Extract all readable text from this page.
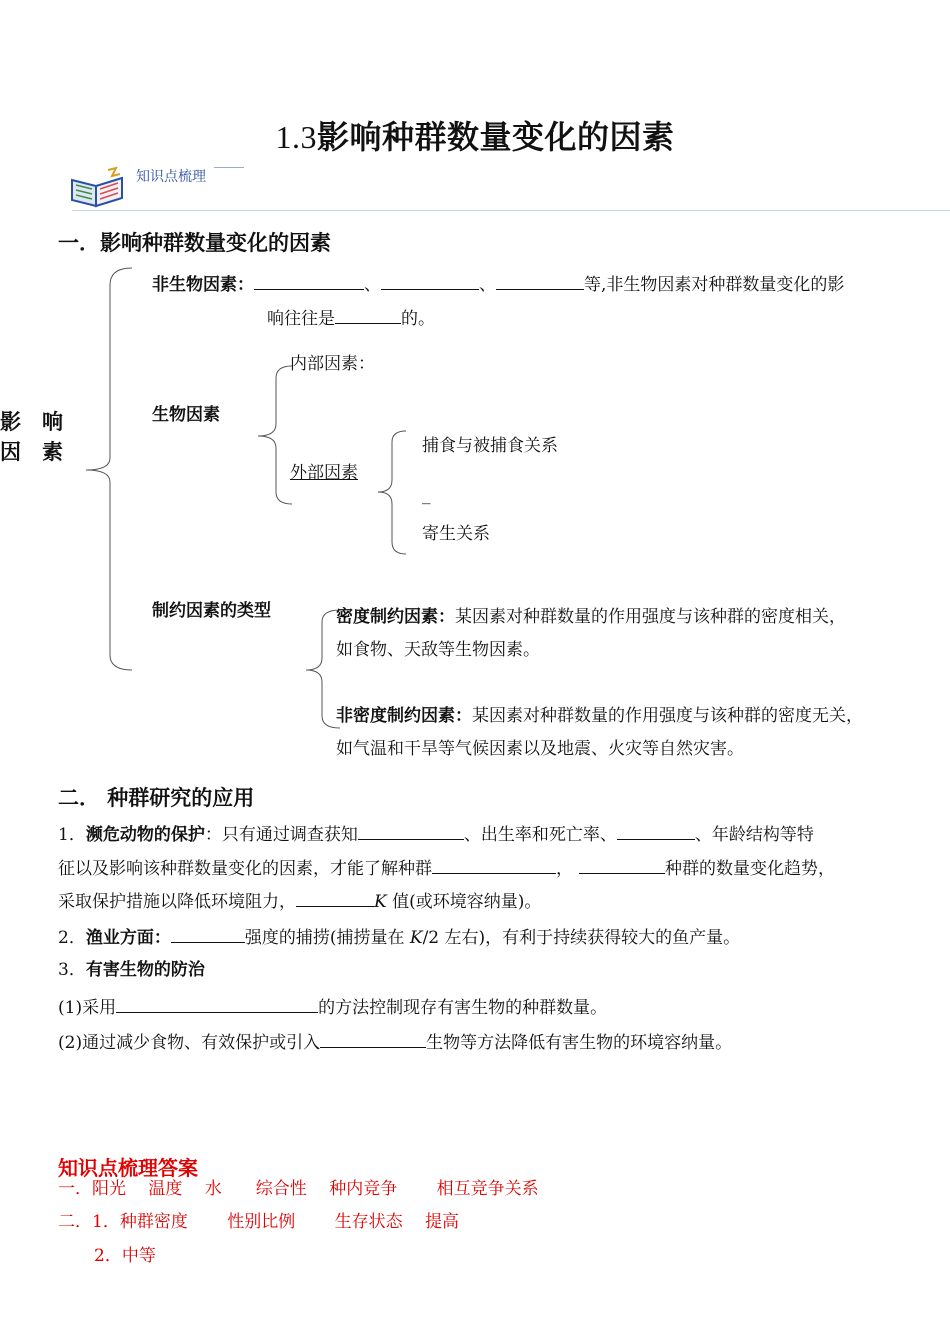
1.3影响种群数量变化的因素
知识点梳理
一．影响种群数量变化的因素
影　响
因　素
非生物因素：	、	、	等,非生物因素对种群数量变化的影
响往往是	的。
内部因素：
生物因素
外部因素
捕食与被捕食关系
_
寄生关系
制约因素的类型	密度制约因素：某因素对种群数量的作用强度与该种群的密度相关，
如食物、天敌等生物因素。
非密度制约因素：某因素对种群数量的作用强度与该种群的密度无关，
如气温和干旱等气候因素以及地震、火灾等自然灾害。
二． 种群研究的应用
1．濒危动物的保护：只有通过调查获知	、出生率和死亡率、	、年龄结构等特
征以及影响该种群数量变化的因素，才能了解种群	，	种群的数量变化趋势，
采取保护措施以降低环境阻力，	K 值(或环境容纳量)。
2．渔业方面：	强度的捕捞(捕捞量在 K/2 左右)，有利于持续获得较大的鱼产量。
3．有害生物的防治
(1)采用	的方法控制现存有害生物的种群数量。
(2)通过减少食物、有效保护或引入	生物等方法降低有害生物的环境容纳量。
知识点梳理答案
一．阳光　 温度　 水　　综合性　 种内竞争　　 相互竞争关系
二．1．种群密度　　 性别比例　　 生存状态　 提高
2．中等
